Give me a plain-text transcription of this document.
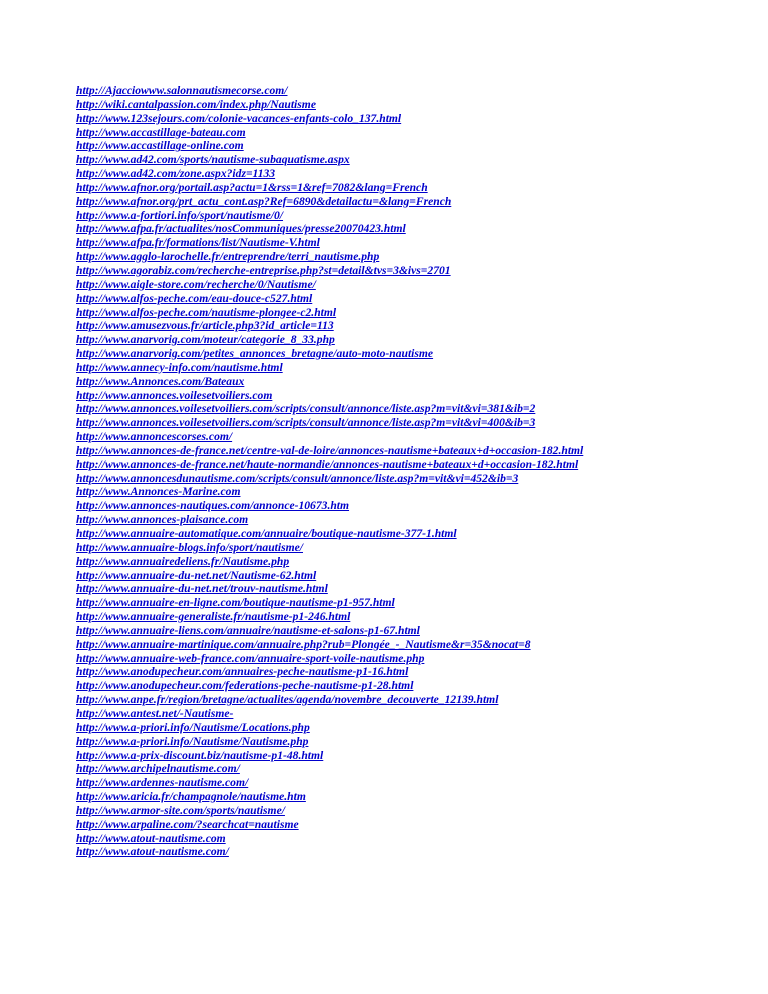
http://Ajacciowww.salonnautismecorse.com/
http://wiki.cantalpassion.com/index.php/Nautisme
http://www.123sejours.com/colonie-vacances-enfants-colo_137.html
http://www.accastillage-bateau.com
http://www.accastillage-online.com
http://www.ad42.com/sports/nautisme-subaquatisme.aspx
http://www.ad42.com/zone.aspx?idz=1133
http://www.afnor.org/portail.asp?actu=1&rss=1&ref=7082&lang=French
http://www.afnor.org/prt_actu_cont.asp?Ref=6890&detailactu=&lang=French
http://www.a-fortiori.info/sport/nautisme/0/
http://www.afpa.fr/actualites/nosCommuniques/presse20070423.html
http://www.afpa.fr/formations/list/Nautisme-V.html
http://www.agglo-larochelle.fr/entreprendre/terri_nautisme.php
http://www.agorabiz.com/recherche-entreprise.php?st=detail&tvs=3&ivs=2701
http://www.aigle-store.com/recherche/0/Nautisme/
http://www.alfos-peche.com/eau-douce-c527.html
http://www.alfos-peche.com/nautisme-plongee-c2.html
http://www.amusezvous.fr/article.php3?id_article=113
http://www.anarvorig.com/moteur/categorie_8_33.php
http://www.anarvorig.com/petites_annonces_bretagne/auto-moto-nautisme
http://www.annecy-info.com/nautisme.html
http://www.Annonces.com/Bateaux
http://www.annonces.voilesetvoiliers.com
http://www.annonces.voilesetvoiliers.com/scripts/consult/annonce/liste.asp?m=vit&vi=381&ib=2
http://www.annonces.voilesetvoiliers.com/scripts/consult/annonce/liste.asp?m=vit&vi=400&ib=3
http://www.annoncescorses.com/
http://www.annonces-de-france.net/centre-val-de-loire/annonces-nautisme+bateaux+d+occasion-182.html
http://www.annonces-de-france.net/haute-normandie/annonces-nautisme+bateaux+d+occasion-182.html
http://www.annoncesdunautisme.com/scripts/consult/annonce/liste.asp?m=vit&vi=452&ib=3
http://www.Annonces-Marine.com
http://www.annonces-nautiques.com/annonce-10673.htm
http://www.annonces-plaisance.com
http://www.annuaire-automatique.com/annuaire/boutique-nautisme-377-1.html
http://www.annuaire-blogs.info/sport/nautisme/
http://www.annuairedeliens.fr/Nautisme.php
http://www.annuaire-du-net.net/Nautisme-62.html
http://www.annuaire-du-net.net/trouv-nautisme.html
http://www.annuaire-en-ligne.com/boutique-nautisme-p1-957.html
http://www.annuaire-generaliste.fr/nautisme-p1-246.html
http://www.annuaire-liens.com/annuaire/nautisme-et-salons-p1-67.html
http://www.annuaire-martinique.com/annuaire.php?rub=Plongée_-_Nautisme&r=35&nocat=8
http://www.annuaire-web-france.com/annuaire-sport-voile-nautisme.php
http://www.anodupecheur.com/annuaires-peche-nautisme-p1-16.html
http://www.anodupecheur.com/federations-peche-nautisme-p1-28.html
http://www.anpe.fr/region/bretagne/actualites/agenda/novembre_decouverte_12139.html
http://www.antest.net/-Nautisme-
http://www.a-priori.info/Nautisme/Locations.php
http://www.a-priori.info/Nautisme/Nautisme.php
http://www.a-prix-discount.biz/nautisme-p1-48.html
http://www.archipelnautisme.com/
http://www.ardennes-nautisme.com/
http://www.aricia.fr/champagnole/nautisme.htm
http://www.armor-site.com/sports/nautisme/
http://www.arpaline.com/?searchcat=nautisme
http://www.atout-nautisme.com
http://www.atout-nautisme.com/
